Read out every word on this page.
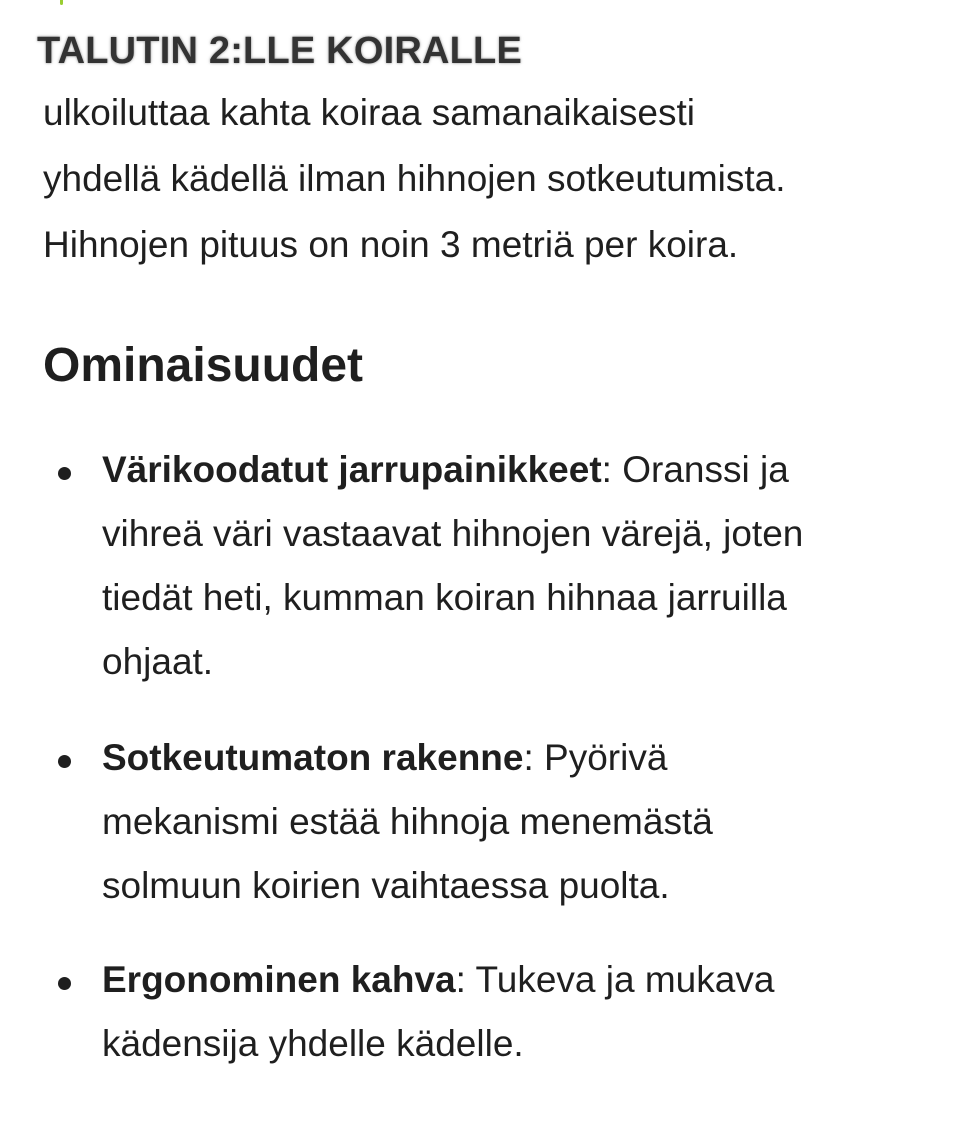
TALUTIN 2:LLE KOIRALLE
ulkoiluttaa kahta koiraa samanaikaisesti
yhdellä kädellä ilman hihnojen sotkeutumista.
Hihnojen pituus on noin 3 metriä per koira.
Ominaisuudet
Värikoodatut jarrupainikkeet: Oranssi ja
vihreä väri vastaavat hihnojen värejä, joten
tiedät heti, kumman koiran hihnaa jarruilla
ohjaat.
Sotkeutumaton rakenne: Pyörivä
mekanismi estää hihnoja menemästä
solmuun koirien vaihtaessa puolta.
Ergonominen kahva: Tukeva ja mukava
kädensija yhdelle kädelle.
